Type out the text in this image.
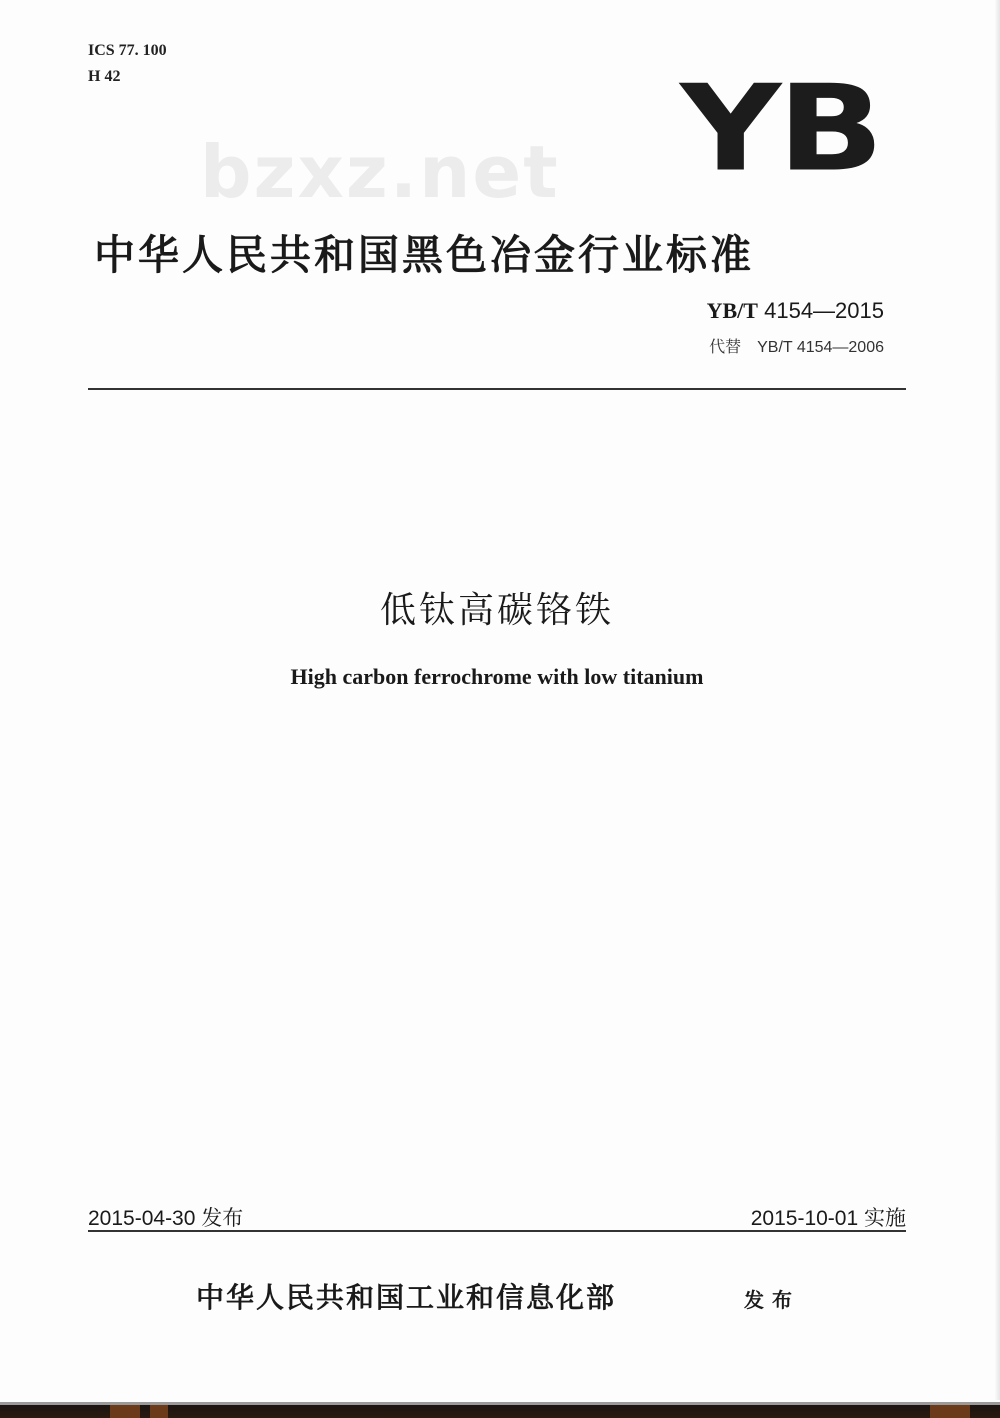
ICS 77. 100
H 42
bzxz.net YB
中华人民共和国黑色冶金行业标准
YB/T 4154—2015
代替 YB/T 4154—2006
低钛高碳铬铁
High carbon ferrochrome with low titanium
2015-04-30 发布	2015-10-01 实施
中华人民共和国工业和信息化部	发布
